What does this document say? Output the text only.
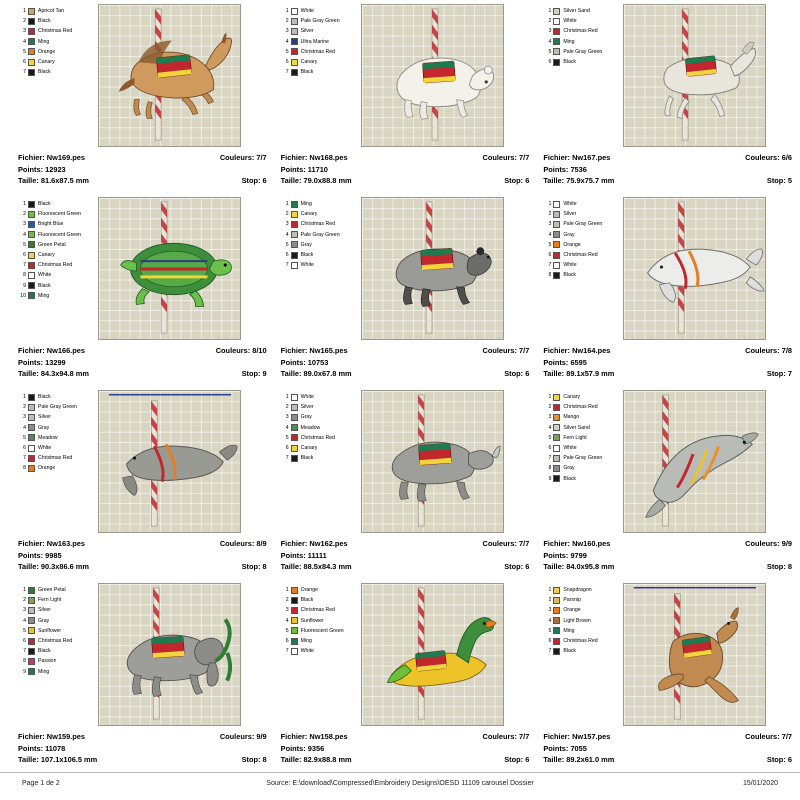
1	Apricot Tan
2	Black
3	Christmas Red
4	Ming
5	Orange
6	Canary
7	Black
Fichier: Nw169.pes	Couleurs: 7/7
Points: 12923
Taille: 81.6x87.5 mm	Stop: 6
1	White
2	Pale Gray Green
3	Silver
4	Ultra Marine
5	Christmas Red
6	Canary
7	Black
Fichier: Nw168.pes	Couleurs: 7/7
Points: 11710
Taille: 79.0x88.8 mm	Stop: 6
1	Silver Sand
2	White
3	Christmas Red
4	Ming
5	Pale Gray Green
6	Black
Fichier: Nw167.pes	Couleurs: 6/6
Points: 7536
Taille: 75.9x75.7 mm	Stop: 5
1	Black
2	Fluorescent Green
3	Bright Blue
4	Fluorescent Green
5	Green Petal
6	Canary
7	Christmas Red
8	White
9	Black
10	Ming
Fichier: Nw166.pes	Couleurs: 8/10
Points: 13299
Taille: 84.3x94.8 mm	Stop: 9
1	Ming
2	Canary
3	Christmas Red
4	Pale Gray Green
5	Gray
6	Black
7	White
Fichier: Nw165.pes	Couleurs: 7/7
Points: 10753
Taille: 89.0x67.8 mm	Stop: 6
1	White
2	Silver
3	Pale Gray Green
4	Gray
5	Orange
6	Christmas Red
7	White
8	Black
Fichier: Nw164.pes	Couleurs: 7/8
Points: 6595
Taille: 89.1x57.9 mm	Stop: 7
1	Black
2	Pale Gray Green
3	Silver
4	Gray
5	Meadow
6	White
7	Christmas Red
8	Orange
Fichier: Nw163.pes	Couleurs: 8/9
Points: 9985
Taille: 90.3x86.6 mm	Stop: 8
1	White
2	Silver
3	Gray
4	Meadow
5	Christmas Red
6	Canary
7	Black
Fichier: Nw162.pes	Couleurs: 7/7
Points: 11111
Taille: 88.5x84.3 mm	Stop: 6
1	Canary
2	Christmas Red
3	Mango
4	Silver Sand
5	Fern Light
6	White
7	Pale Gray Green
8	Gray
9	Black
Fichier: Nw160.pes	Couleurs: 9/9
Points: 9799
Taille: 84.0x95.8 mm	Stop: 8
1	Green Petal
2	Fern Light
3	Silver
4	Gray
5	Sunflower
6	Christmas Red
7	Black
8	Passion
9	Ming
Fichier: Nw159.pes	Couleurs: 9/9
Points: 11078
Taille: 107.1x106.5 mm	Stop: 8
1	Orange
2	Black
3	Christmas Red
4	Sunflower
5	Fluorescent Green
6	Ming
7	White
Fichier: Nw158.pes	Couleurs: 7/7
Points: 9356
Taille: 82.9x88.8 mm	Stop: 6
1	Snapdragon
2	Parsnip
3	Orange
4	Light Brown
5	Ming
6	Christmas Red
7	Black
Fichier: Nw157.pes	Couleurs: 7/7
Points: 7055
Taille: 89.2x61.0 mm	Stop: 6
Page 1 de 2	Source: E:\download\Compressed\Embroidery Designs\OESD 11109 carousel Dossier	15/01/2020
